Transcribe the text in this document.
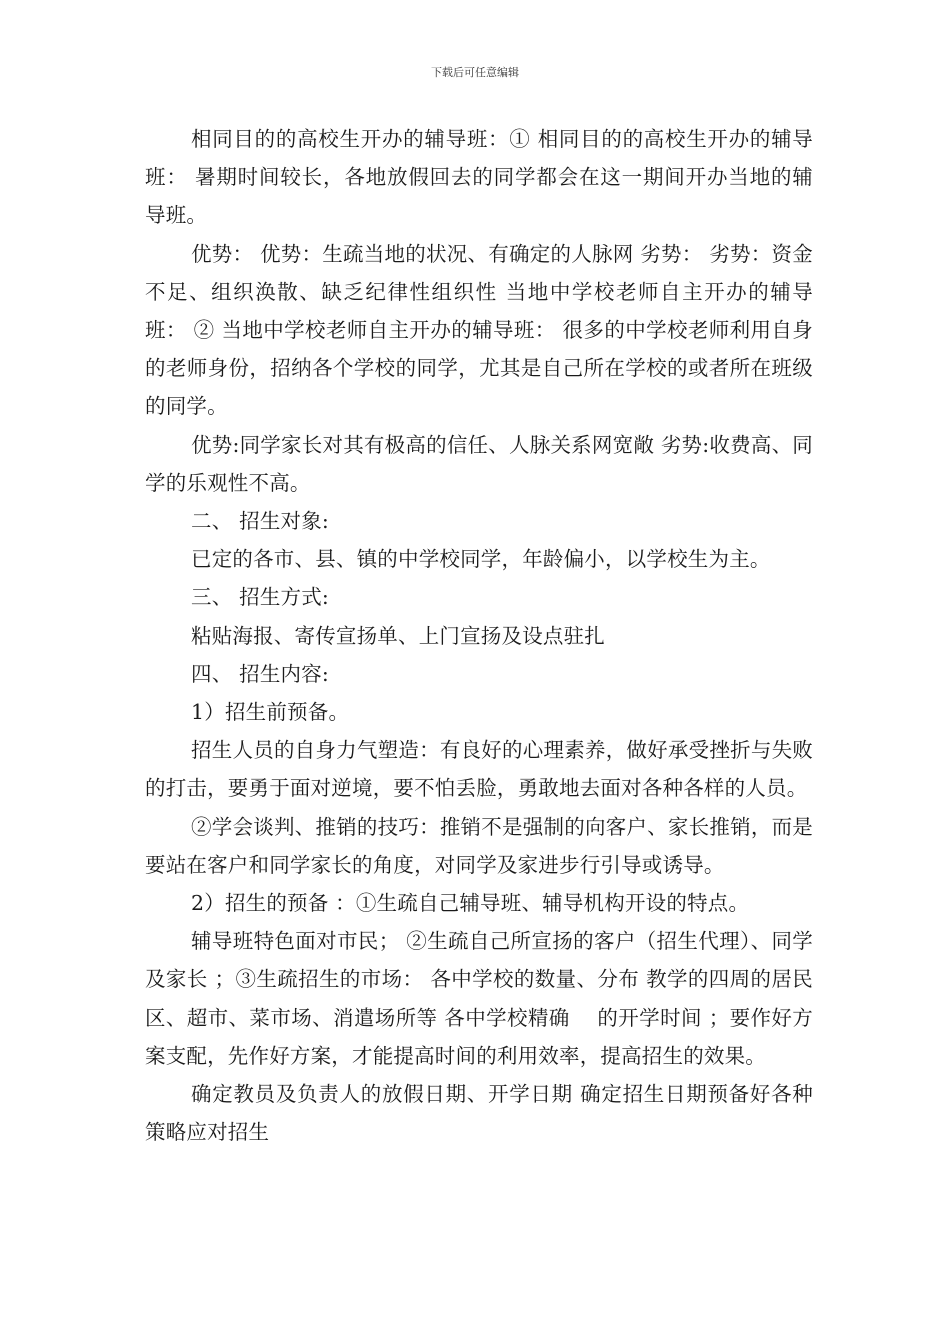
下载后可任意编辑

相同目的的高校生开办的辅导班：① 相同目的的高校生开办的辅导班： 暑期时间较长，各地放假回去的同学都会在这一期间开办当地的辅导班。

优势： 优势：生疏当地的状况、有确定的人脉网 劣势： 劣势：资金不足、组织涣散、缺乏纪律性组织性 当地中学校老师自主开办的辅导班： ② 当地中学校老师自主开办的辅导班： 很多的中学校老师利用自身的老师身份，招纳各个学校的同学，尤其是自己所在学校的或者所在班级的同学。

优势:同学家长对其有极高的信任、人脉关系网宽敞 劣势:收费高、同学的乐观性不高。

二、 招生对象:

已定的各市、县、镇的中学校同学，年龄偏小，以学校生为主。

三、 招生方式:

粘贴海报、寄传宣扬单、上门宣扬及设点驻扎

四、 招生内容:

1）招生前预备。

招生人员的自身力气塑造：有良好的心理素养，做好承受挫折与失败的打击，要勇于面对逆境，要不怕丢脸，勇敢地去面对各种各样的人员。

②学会谈判、推销的技巧：推销不是强制的向客户、家长推销，而是要站在客户和同学家长的角度，对同学及家进步行引导或诱导。

2）招生的预备 ：①生疏自己辅导班、辅导机构开设的特点。

辅导班特色面对市民； ②生疏自己所宣扬的客户（招生代理）、同学及家长 ；③生疏招生的市场： 各中学校的数量、分布 教学的四周的居民区、超市、菜市场、消遣场所等 各中学校精确　 的开学时间 ；要作好方案支配，先作好方案，才能提高时间的利用效率，提高招生的效果。

确定教员及负责人的放假日期、开学日期 确定招生日期预备好各种策略应对招生
